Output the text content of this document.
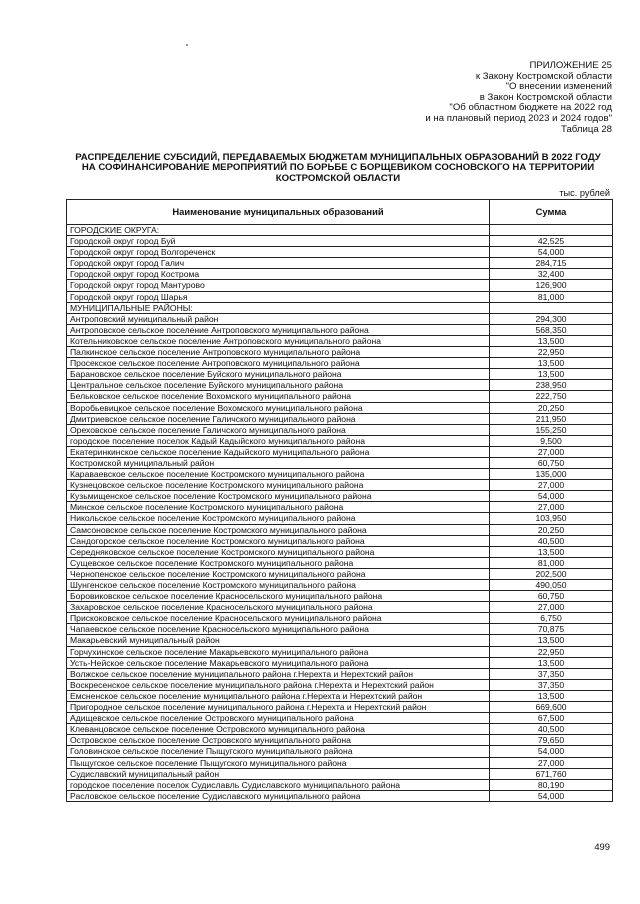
ПРИЛОЖЕНИЕ 25
к Закону Костромской области
"О внесении изменений
в Закон Костромской области
"Об областном бюджете на 2022 год
и на плановый период 2023 и 2024 годов"
Таблица 28
РАСПРЕДЕЛЕНИЕ СУБСИДИЙ, ПЕРЕДАВАЕМЫХ БЮДЖЕТАМ МУНИЦИПАЛЬНЫХ ОБРАЗОВАНИЙ В 2022 ГОДУ
НА СОФИНАНСИРОВАНИЕ МЕРОПРИЯТИЙ ПО БОРЬБЕ С БОРЩЕВИКОМ СОСНОВСКОГО НА ТЕРРИТОРИИ
КОСТРОМСКОЙ ОБЛАСТИ
тыс. рублей
Наименование муниципальных образований	Сумма
ГОРОДСКИЕ ОКРУГА:	
Городской округ город Буй	42,525
Городской округ город Волгореченск	54,000
Городской округ город Галич	284,715
Городской округ город Кострома	32,400
Городской округ город Мантурово	126,900
Городской округ город Шарья	81,000
МУНИЦИПАЛЬНЫЕ РАЙОНЫ:	
Антроповский муниципальный район	294,300
Антроповское сельское поселение Антроповского муниципального района	568,350
Котельниковское сельское поселение Антроповского муниципального района	13,500
Палкинское сельское поселение Антроповского муниципального района	22,950
Просекское сельское поселение Антроповского муниципального района	13,500
Барановское сельское поселение Буйского муниципального района	13,500
Центральное сельское поселение Буйского муниципального района	238,950
Бельковское сельское поселение Вохомского муниципального района	222,750
Воробьевицкое сельское поселение Вохомского муниципального района	20,250
Дмитриевское сельское поселение Галичского муниципального района	211,950
Ореховское сельское поселение Галичского муниципального района	155,250
городское поселение поселок Кадый Кадыйского муниципального района	9,500
Екатеринкинское сельское поселение Кадыйского муниципального района	27,000
Костромской муниципальный район	60,750
Караваевское сельское поселение Костромского муниципального района	135,000
Кузнецовское сельское поселение Костромского муниципального района	27,000
Кузьмищенское сельское поселение Костромского муниципального района	54,000
Минское сельское поселение Костромского муниципального района	27,000
Никольское сельское поселение Костромского муниципального района	103,950
Самсоновское сельское поселение Костромского муниципального района	20,250
Сандогорское сельское поселение Костромского муниципального района	40,500
Середняковское сельское поселение Костромского муниципального района	13,500
Сущевское сельское поселение Костромского муниципального района	81,000
Чернопенское сельское поселение Костромского муниципального района	202,500
Шунгенское сельское поселение Костромского муниципального района	490,050
Боровиковское сельское поселение Красносельского муниципального района	60,750
Захаровское сельское поселение Красносельского муниципального района	27,000
Прискоковское сельское поселение Красносельского муниципального района	6,750
Чапаевское сельское поселение Красносельского муниципального района	70,875
Макарьевский муниципальный район	13,500
Горчухинское сельское поселение Макарьевского муниципального района	22,950
Усть-Нейское сельское поселение Макарьевского муниципального района	13,500
Волжское сельское поселение муниципального района г.Нерехта и Нерехтский район	37,350
Воскресенское сельское поселение муниципального района г.Нерехта и Нерехтский район	37,350
Емсненское сельское поселение муниципального района г.Нерехта и Нерехтский район	13,500
Пригородное сельское поселение муниципального района г.Нерехта и Нерехтский район	669,600
Адищевское сельское поселение Островского муниципального района	67,500
Клеванцовское сельское поселение Островского муниципального района	40,500
Островское сельское поселение Островского муниципального района	79,650
Головинское сельское поселение Пыщугского муниципального района	54,000
Пыщугское сельское поселение Пыщугского муниципального района	27,000
Судиславский муниципальный район	671,760
городское поселение поселок Судиславль Судиславского муниципального района	80,190
Расловское сельское поселение Судиславского муниципального района	54,000
499
